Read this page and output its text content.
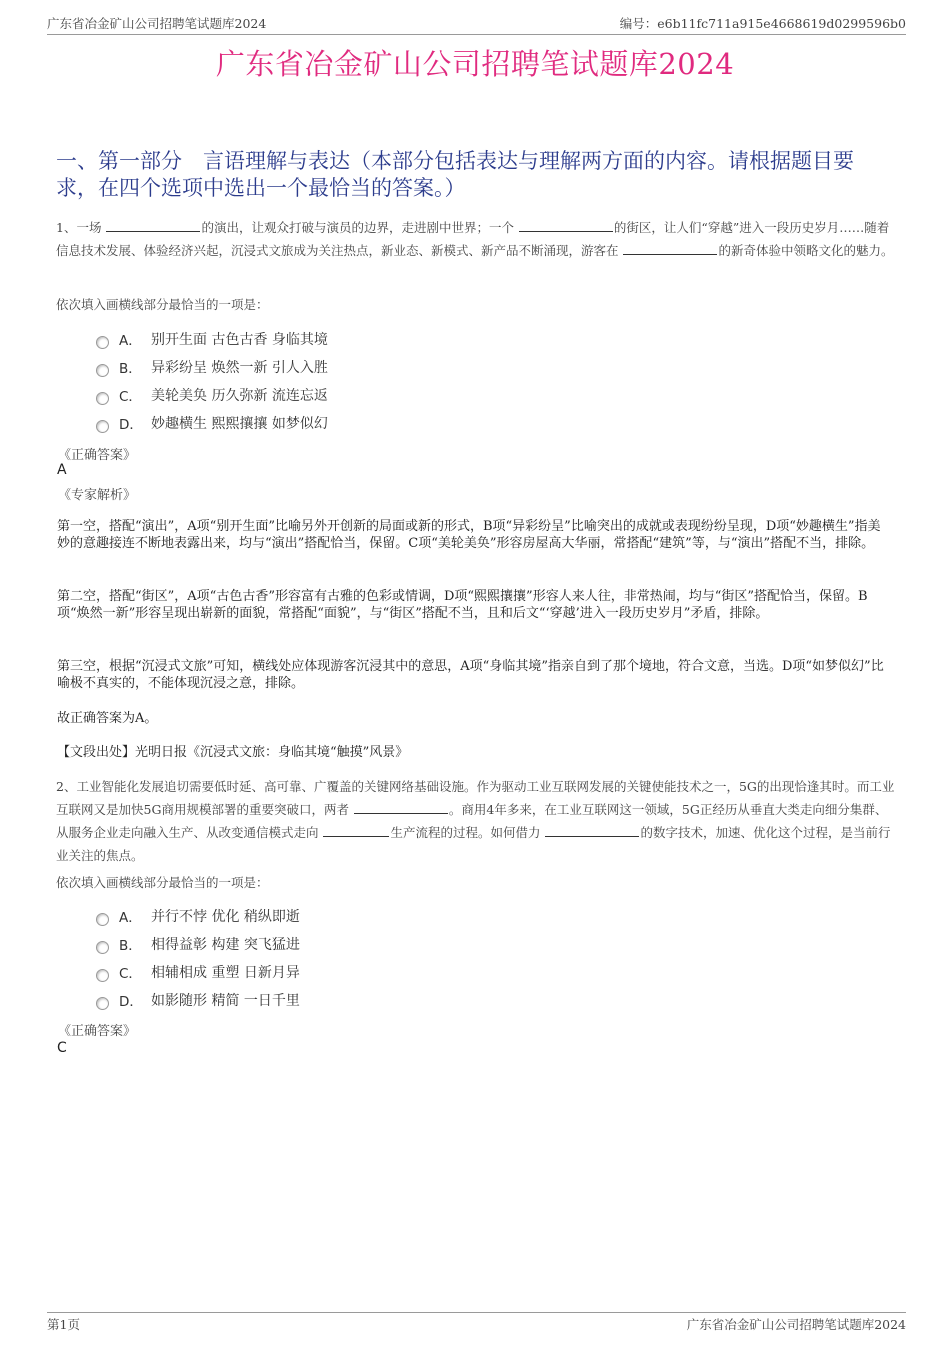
广东省冶金矿山公司招聘笔试题库2024	编号：e6b11fc711a915e4668619d0299596b0
广东省冶金矿山公司招聘笔试题库2024
一、第一部分　言语理解与表达（本部分包括表达与理解两方面的内容。请根据题目要求，在四个选项中选出一个最恰当的答案。）
1、一场	的演出，让观众打破与演员的边界，走进剧中世界；一个	的街区，让人们“穿越”进入一段历史岁月……随着信息技术发展、体验经济兴起，沉浸式文旅成为关注热点，新业态、新模式、新产品不断涌现，游客在	的新奇体验中领略文化的魅力。
依次填入画横线部分最恰当的一项是：
A． 别开生面 古色古香 身临其境
B． 异彩纷呈 焕然一新 引人入胜
C． 美轮美奂 历久弥新 流连忘返
D． 妙趣横生 熙熙攘攘 如梦似幻
《正确答案》
A
《专家解析》
第一空，搭配“演出”，A项“别开生面”比喻另外开创新的局面或新的形式，B项“异彩纷呈”比喻突出的成就或表现纷纷呈现，D项“妙趣横生”指美妙的意趣接连不断地表露出来，均与“演出”搭配恰当，保留。C项“美轮美奂”形容房屋高大华丽，常搭配“建筑”等，与“演出”搭配不当，排除。
第二空，搭配“街区”，A项“古色古香”形容富有古雅的色彩或情调，D项“熙熙攘攘”形容人来人往，非常热闹，均与“街区”搭配恰当，保留。B项“焕然一新”形容呈现出崭新的面貌，常搭配“面貌”，与“街区”搭配不当，且和后文“‘穿越’进入一段历史岁月”矛盾，排除。
第三空，根据“沉浸式文旅”可知，横线处应体现游客沉浸其中的意思，A项“身临其境”指亲自到了那个境地，符合文意，当选。D项“如梦似幻”比喻极不真实的，不能体现沉浸之意，排除。
故正确答案为A。
【文段出处】光明日报《沉浸式文旅：身临其境“触摸”风景》
2、工业智能化发展追切需要低时延、高可靠、广覆盖的关键网络基础设施。作为驱动工业互联网发展的关键使能技术之一，5G的出现恰逢其时。而工业互联网又是加快5G商用规模部署的重要突破口，两者	。商用4年多来，在工业互联网这一领域，5G正经历从垂直大类走向细分集群、从服务企业走向融入生产、从改变通信模式走向	生产流程的过程。如何借力	的数字技术，加速、优化这个过程，是当前行业关注的焦点。
依次填入画横线部分最恰当的一项是：
A． 并行不悖 优化 稍纵即逝
B． 相得益彰 构建 突飞猛进
C． 相辅相成 重塑 日新月异
D． 如影随形 精简 一日千里
《正确答案》
C
第1页	广东省冶金矿山公司招聘笔试题库2024
